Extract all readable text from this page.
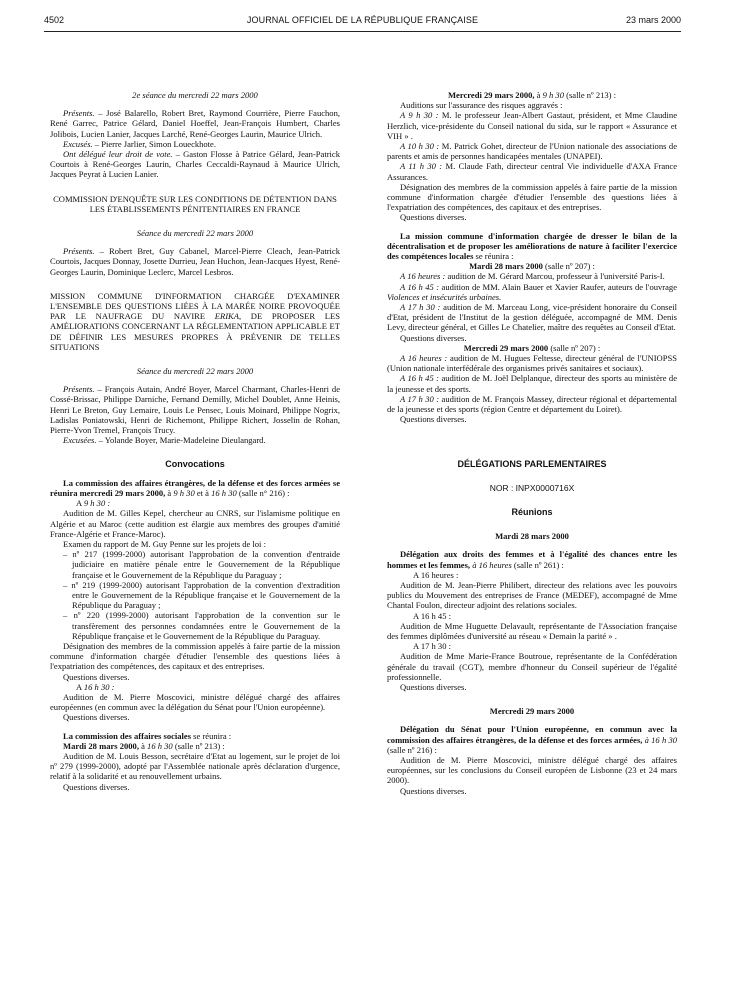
4502	JOURNAL OFFICIEL DE LA RÉPUBLIQUE FRANÇAISE	23 mars 2000

2e séance du mercredi 22 mars 2000

Présents. – José Balarello, Robert Bret, Raymond Courrière, Pierre Fauchon, René Garrec, Patrice Gélard, Daniel Hoeffel, Jean-François Humbert, Charles Jolibois, Lucien Lanier, Jacques Larché, René-Georges Laurin, Maurice Ulrich.

Excusés. – Pierre Jarlier, Simon Loueckhote.

Ont délégué leur droit de vote. – Gaston Flosse à Patrice Gélard, Jean-Patrick Courtois à René-Georges Laurin, Charles Ceccaldi-Raynaud à Maurice Ulrich, Jacques Peyrat à Lucien Lanier.

COMMISSION D'ENQUÊTE SUR LES CONDITIONS DE DÉTENTION DANS LES ÉTABLISSEMENTS PÉNITENTIAIRES EN FRANCE

Séance du mercredi 22 mars 2000

Présents. – Robert Bret, Guy Cabanel, Marcel-Pierre Cleach, Jean-Patrick Courtois, Jacques Donnay, Josette Durrieu, Jean Huchon, Jean-Jacques Hyest, René-Georges Laurin, Dominique Leclerc, Marcel Lesbros.

MISSION COMMUNE D'INFORMATION CHARGÉE D'EXAMINER L'ENSEMBLE DES QUESTIONS LIÉES À LA MARÉE NOIRE PROVOQUÉE PAR LE NAUFRAGE DU NAVIRE ERIKA, DE PROPOSER LES AMÉLIORATIONS CONCERNANT LA RÉGLEMENTATION APPLICABLE ET DE DÉFINIR LES MESURES PROPRES À PRÉVENIR DE TELLES SITUATIONS

Séance du mercredi 22 mars 2000

Présents. – François Autain, André Boyer, Marcel Charmant, Charles-Henri de Cossé-Brissac, Philippe Darniche, Fernand Demilly, Michel Doublet, Anne Heinis, Henri Le Breton, Guy Lemaire, Louis Le Pensec, Louis Moinard, Philippe Nogrix, Ladislas Poniatowski, Henri de Richemont, Philippe Richert, Josselin de Rohan, Pierre-Yvon Tremel, François Trucy.

Excusées. – Yolande Boyer, Marie-Madeleine Dieulangard.

Convocations

La commission des affaires étrangères, de la défense et des forces armées se réunira mercredi 29 mars 2000, à 9 h 30 et à 16 h 30 (salle n° 216) :

A 9 h 30 :

Audition de M. Gilles Kepel, chercheur au CNRS, sur l'islamisme politique en Algérie et au Maroc (cette audition est élargie aux membres des groupes d'amitié France-Algérie et France-Maroc).

Examen du rapport de M. Guy Penne sur les projets de loi :

– nº 217 (1999-2000) autorisant l'approbation de la convention d'entraide judiciaire en matière pénale entre le Gouvernement de la République française et le Gouvernement de la République du Paraguay ;
– nº 219 (1999-2000) autorisant l'approbation de la convention d'extradition entre le Gouvernement de la République française et le Gouvernement de la République du Paraguay ;
– nº 220 (1999-2000) autorisant l'approbation de la convention sur le transfèrement des personnes condamnées entre le Gouvernement de la République française et le Gouvernement de la République du Paraguay.

Désignation des membres de la commission appelés à faire partie de la mission commune d'information chargée d'étudier l'ensemble des questions liées à l'expatriation des compétences, des capitaux et des entreprises.

Questions diverses.

A 16 h 30 :

Audition de M. Pierre Moscovici, ministre délégué chargé des affaires européennes (en commun avec la délégation du Sénat pour l'Union européenne).

Questions diverses.

La commission des affaires sociales se réunira :

Mardi 28 mars 2000, à 16 h 30 (salle nº 213) :

Audition de M. Louis Besson, secrétaire d'Etat au logement, sur le projet de loi nº 279 (1999-2000), adopté par l'Assemblée nationale après déclaration d'urgence, relatif à la solidarité et au renouvellement urbains.

Questions diverses.

Mercredi 29 mars 2000, à 9 h 30 (salle nº 213) :

Auditions sur l'assurance des risques aggravés :

A 9 h 30 : M. le professeur Jean-Albert Gastaut, président, et Mme Claudine Herzlich, vice-présidente du Conseil national du sida, sur le rapport « Assurance et VIH » .

A 10 h 30 : M. Patrick Gohet, directeur de l'Union nationale des associations de parents et amis de personnes handicapées mentales (UNAPEI).

A 11 h 30 : M. Claude Fath, directeur central Vie individuelle d'AXA France Assurances.

Désignation des membres de la commission appelés à faire partie de la mission commune d'information chargée d'étudier l'ensemble des questions liées à l'expatriation des compétences, des capitaux et des entreprises.

Questions diverses.

La mission commune d'information chargée de dresser le bilan de la décentralisation et de proposer les améliorations de nature à faciliter l'exercice des compétences locales se réunira :

Mardi 28 mars 2000 (salle nº 207) :

A 16 heures : audition de M. Gérard Marcou, professeur à l'université Paris-I.

A 16 h 45 : audition de MM. Alain Bauer et Xavier Raufer, auteurs de l'ouvrage Violences et insécurités urbaines.

A 17 h 30 : audition de M. Marceau Long, vice-président honoraire du Conseil d'Etat, président de l'Institut de la gestion déléguée, accompagné de MM. Denis Levy, directeur général, et Gilles Le Chatelier, maître des requêtes au Conseil d'Etat.

Questions diverses.

Mercredi 29 mars 2000 (salle nº 207) :

A 16 heures : audition de M. Hugues Feltesse, directeur général de l'UNIOPSS (Union nationale interfédérale des organismes privés sanitaires et sociaux).

A 16 h 45 : audition de M. Joël Delplanque, directeur des sports au ministère de la jeunesse et des sports.

A 17 h 30 : audition de M. François Massey, directeur régional et départemental de la jeunesse et des sports (région Centre et département du Loiret).

Questions diverses.

DÉLÉGATIONS PARLEMENTAIRES

NOR : INPX0000716X

Réunions

Mardi 28 mars 2000

Délégation aux droits des femmes et à l'égalité des chances entre les hommes et les femmes, à 16 heures (salle nº 261) :

A 16 heures :

Audition de M. Jean-Pierre Philibert, directeur des relations avec les pouvoirs publics du Mouvement des entreprises de France (MEDEF), accompagné de Mme Chantal Foulon, directeur adjoint des relations sociales.

A 16 h 45 :

Audition de Mme Huguette Delavault, représentante de l'Association française des femmes diplômées d'université au réseau « Demain la parité » .

A 17 h 30 :

Audition de Mme Marie-France Boutroue, représentante de la Confédération générale du travail (CGT), membre d'honneur du Conseil supérieur de l'égalité professionnelle.

Questions diverses.

Mercredi 29 mars 2000

Délégation du Sénat pour l'Union européenne, en commun avec la commission des affaires étrangères, de la défense et des forces armées, à 16 h 30 (salle nº 216) :

Audition de M. Pierre Moscovici, ministre délégué chargé des affaires européennes, sur les conclusions du Conseil européen de Lisbonne (23 et 24 mars 2000).

Questions diverses.
